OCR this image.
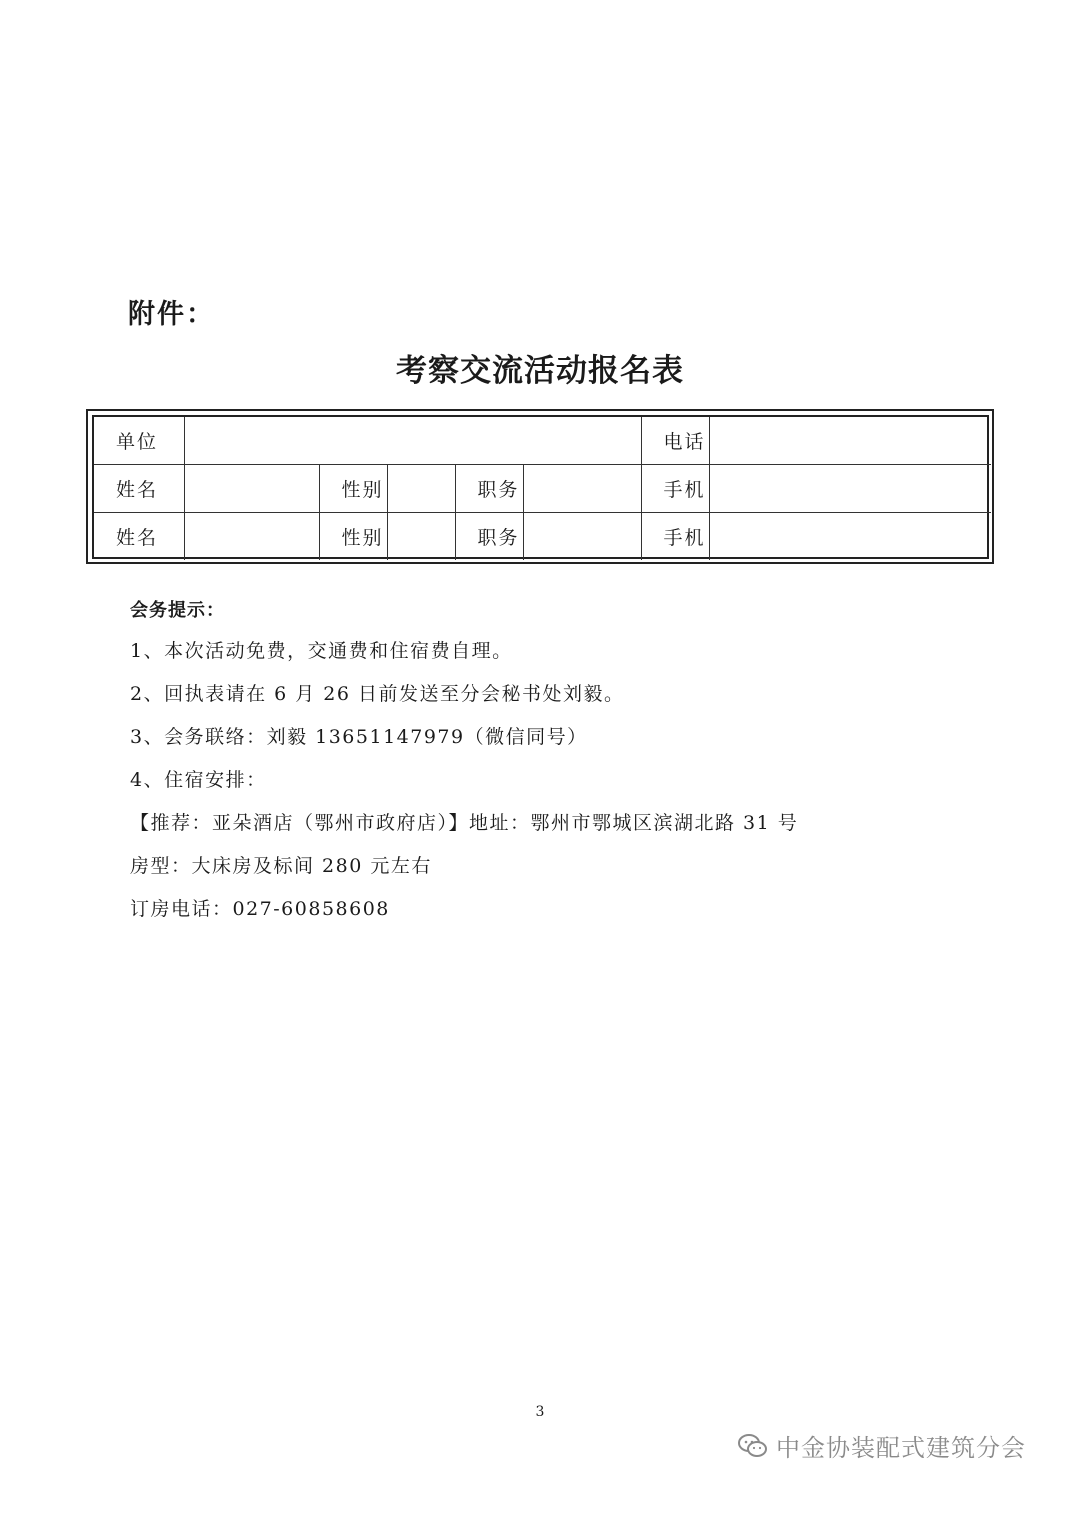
附件：
考察交流活动报名表
单位						电话	
姓名		性别		职务		手机	
姓名		性别		职务		手机	
会务提示：
1、本次活动免费，交通费和住宿费自理。
2、回执表请在 6 月 26 日前发送至分会秘书处刘毅。
3、会务联络：刘毅 13651147979（微信同号）
4、住宿安排：
【推荐：亚朵酒店（鄂州市政府店）】地址：鄂州市鄂城区滨湖北路 31 号
房型：大床房及标间 280 元左右
订房电话：027-60858608
3
中金协装配式建筑分会
